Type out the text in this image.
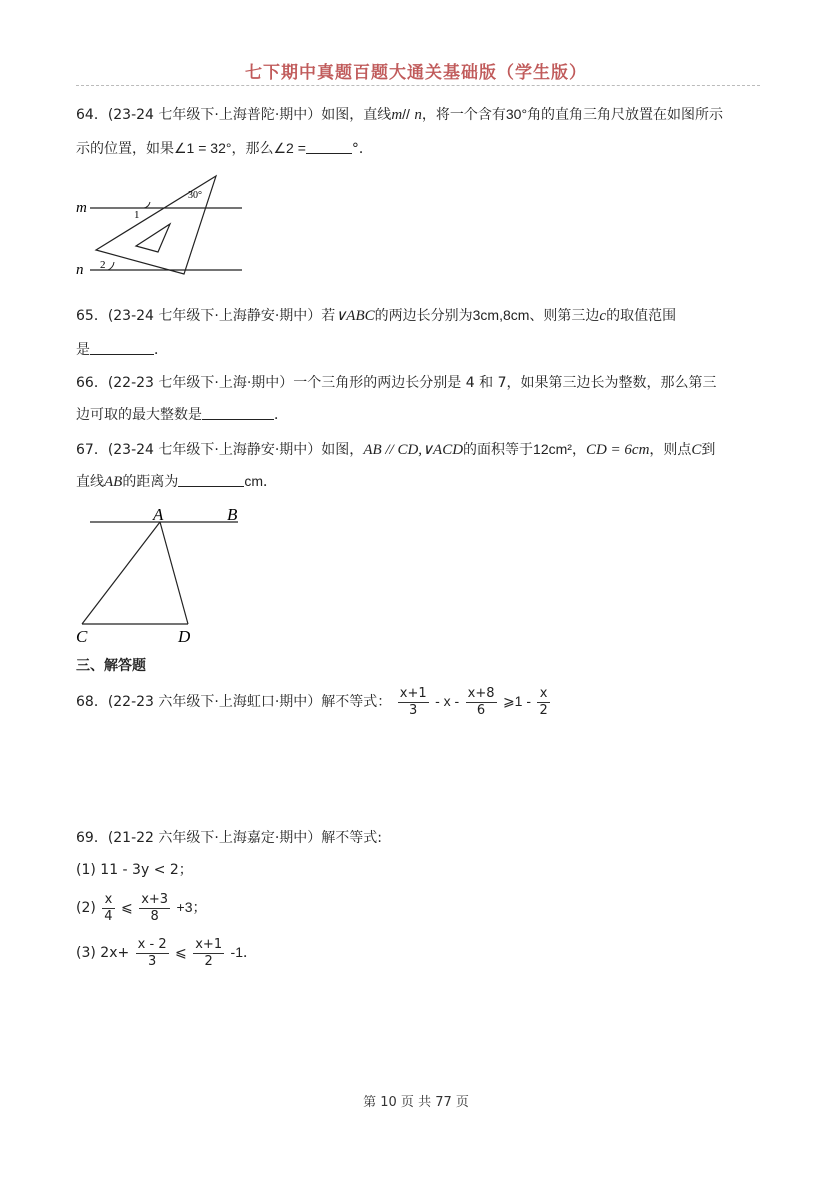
七下期中真题百题大通关基础版（学生版）
64．(23-24 七年级下·上海普陀·期中）如图，直线m// n，将一个含有30°角的直角三角尺放置在如图所示
示的位置，如果∠1 = 32°，那么∠2 =	°．
m
n
1
2
30°
65．(23-24 七年级下·上海静安·期中）若∨ABC的两边长分别为3cm,8cm、则第三边c的取值范围
是	．
66．(22-23 七年级下·上海·期中）一个三角形的两边长分别是 4 和 7，如果第三边长为整数，那么第三
边可取的最大整数是	．
67．(23-24 七年级下·上海静安·期中）如图，AB // CD,∨ACD的面积等于12cm²，CD = 6cm，则点C到
直线AB的距离为	cm．
A	B
C	D
三、解答题
68．(22-23 六年级下·上海虹口·期中）解不等式： $\frac{x+1}{3}$ - x - $\frac{x+8}{6}$ ⩾1 - $\frac{x}{2}$
69．(21-22 六年级下·上海嘉定·期中）解不等式:
(1) 11 - 3y < 2；
$(2) \frac{x}{4}$ ⩽ $\frac{x+3}{8} +3$；
(3) $2x+ \frac{x - 2}{3}$ ⩽ $\frac{x+1}{2} -1$．
第 10 页 共 77 页
